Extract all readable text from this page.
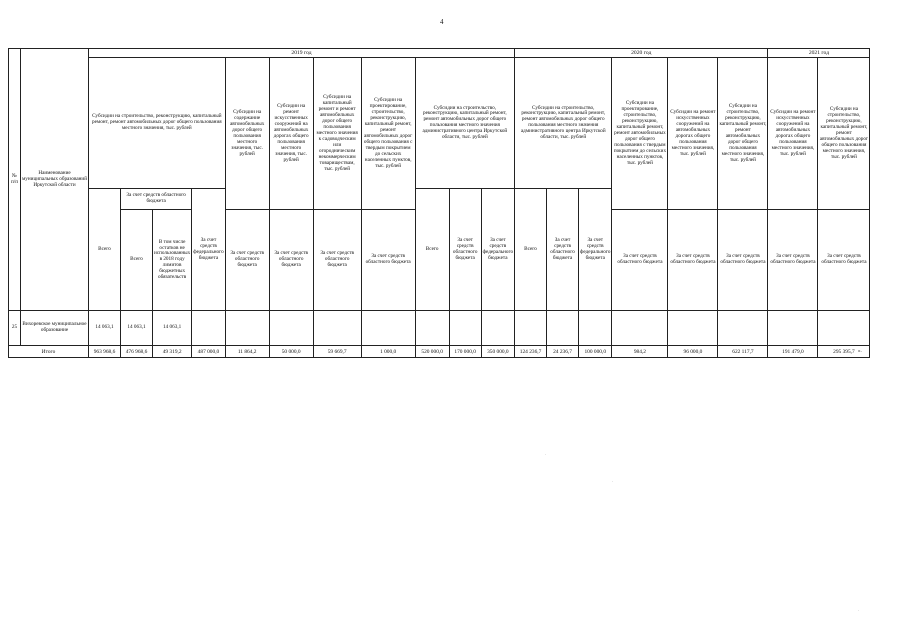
4
№ п/п	Наименование муниципальных образований Иркутской области	2019 год											2020 год						2021 год	
		Субсидии на строительство, реконструкцию, капитальный ремонт, ремонт автомобильных дорог общего пользования местного значения, тыс. рублей				Субсидии на содержание автомобильных дорог общего пользования местного значения, тыс. рублей	Субсидии на ремонт искусственных сооружений на автомобильных дорогах общего пользования местного значения, тыс. рублей	Субсидии на капитальный ремонт и ремонт автомобильных дорог общего пользования местного значения к садоводческим или огородническим некоммерческим товариществам, тыс. рублей	Субсидии на проектирование, строительство, реконструкцию, капитальный ремонт, ремонт автомобильных дорог общего пользования с твердым покрытием до сельских населенных пунктов, тыс. рублей	Субсидии на строительство, реконструкцию, капитальный ремонт, ремонт автомобильных дорог общего пользования местного значения административного центра Иркутской области, тыс. рублей			Субсидии на строительство, реконструкцию, капитальный ремонт, ремонт автомобильных дорог общего пользования местного значения административного центра Иркутской области, тыс. рублей			Субсидии на проектирование, строительство, реконструкцию, капитальный ремонт, ремонт автомобильных дорог общего пользования с твердым покрытием до сельских населенных пунктов, тыс. рублей	Субсидии на ремонт искусственных сооружений на автомобильных дорогах общего пользования местного значения, тыс. рублей	Субсидии на строительство, реконструкцию, капитальный ремонт, ремонт автомобильных дорог общего пользования местного значения, тыс. рублей	Субсидии на ремонт искусственных сооружений на автомобильных дорогах общего пользования местного значения, тыс. рублей	Субсидии на строительство, реконструкцию, капитальный ремонт, ремонт автомобильных дорог общего пользования местного значения, тыс. рублей
		Всего	За счет средств областного бюджета		За счет средств федерального бюджета					Всего	За счет средств областного бюджета	За счет средств федерального бюджета	Всего	За счет средств областного бюджета	За счет средств федерального бюджета					
			Всего	В том числе остатков не использованных в 2018 году лимитов бюджетных обязательств		За счет средств областного бюджета	За счет средств областного бюджета	За счет средств областного бюджета	За счет средств областного бюджета							За счет средств областного бюджета	За счет средств областного бюджета	За счет средств областного бюджета	За счет средств областного бюджета	За счет средств областного бюджета
25	Вихоревское муниципальное образование	14 063,1	14 063,1	14 063,1																
Итого		963 968,6	476 968,6	49 319,2	487 000,0	11 864,2	50 000,0	59 669,7	1 000,0	520 000,0	170 000,0	350 000,0	124 236,7	24 236,7	100 000,0	984,2	96 000,0	622 117,7	191 479,0	295 395,7 ».
·
·
·
